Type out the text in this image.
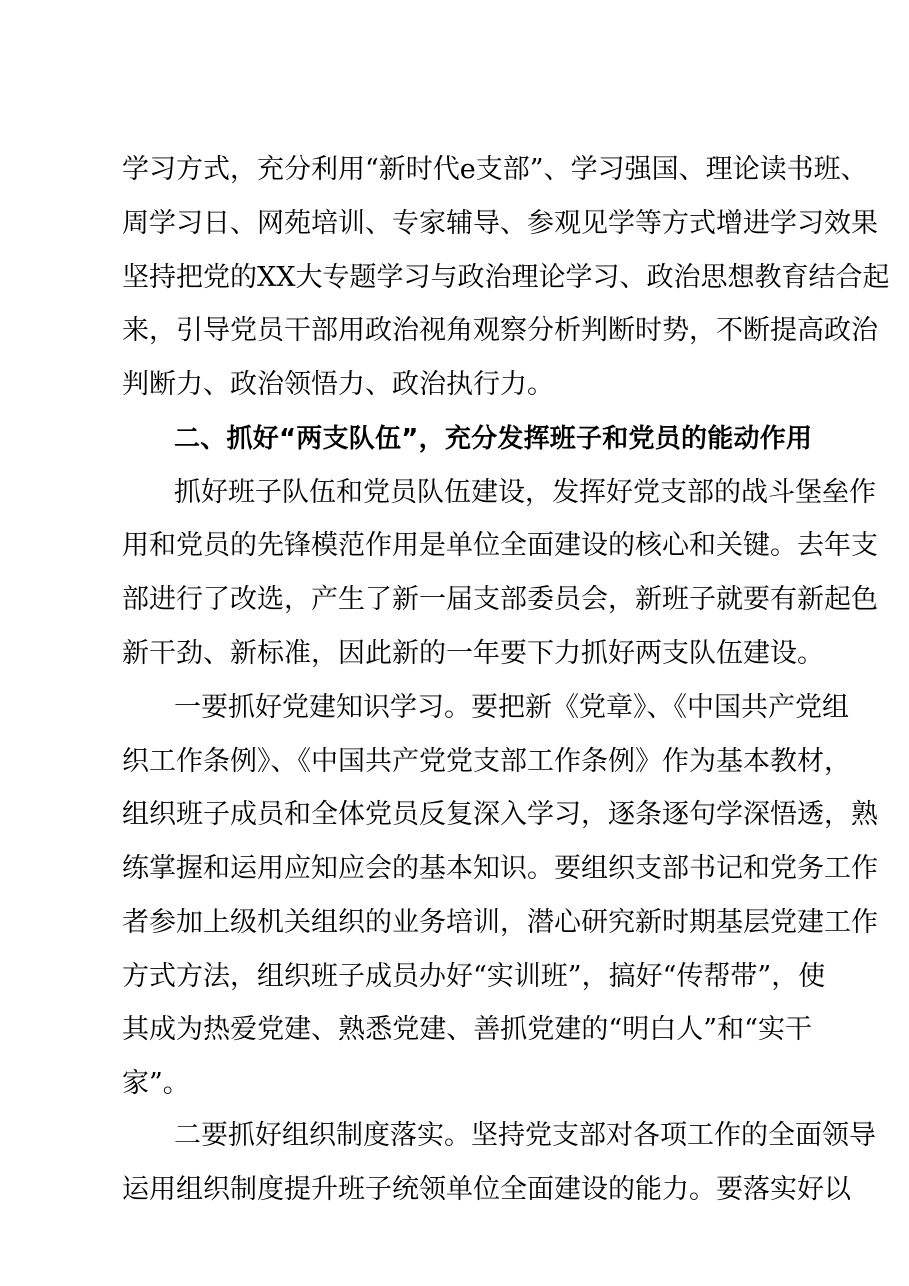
学习方式，充分利用“新时代e支部”、学习强国、理论读书班、
周学习日、网苑培训、专家辅导、参观见学等方式增进学习效果
坚持把党的XX大专题学习与政治理论学习、政治思想教育结合起
来，引导党员干部用政治视角观察分析判断时势，不断提高政治
判断力、政治领悟力、政治执行力。
二、抓好“两支队伍”，充分发挥班子和党员的能动作用
抓好班子队伍和党员队伍建设，发挥好党支部的战斗堡垒作
用和党员的先锋模范作用是单位全面建设的核心和关键。去年支
部进行了改选，产生了新一届支部委员会，新班子就要有新起色
新干劲、新标准，因此新的一年要下力抓好两支队伍建设。
一要抓好党建知识学习。要把新《党章》、《中国共产党组
织工作条例》、《中国共产党党支部工作条例》作为基本教材，
组织班子成员和全体党员反复深入学习，逐条逐句学深悟透，熟
练掌握和运用应知应会的基本知识。要组织支部书记和党务工作
者参加上级机关组织的业务培训，潜心研究新时期基层党建工作
方式方法，组织班子成员办好“实训班”，搞好“传帮带”，使
其成为热爱党建、熟悉党建、善抓党建的“明白人”和“实干
家”。
二要抓好组织制度落实。坚持党支部对各项工作的全面领导
运用组织制度提升班子统领单位全面建设的能力。要落实好以
